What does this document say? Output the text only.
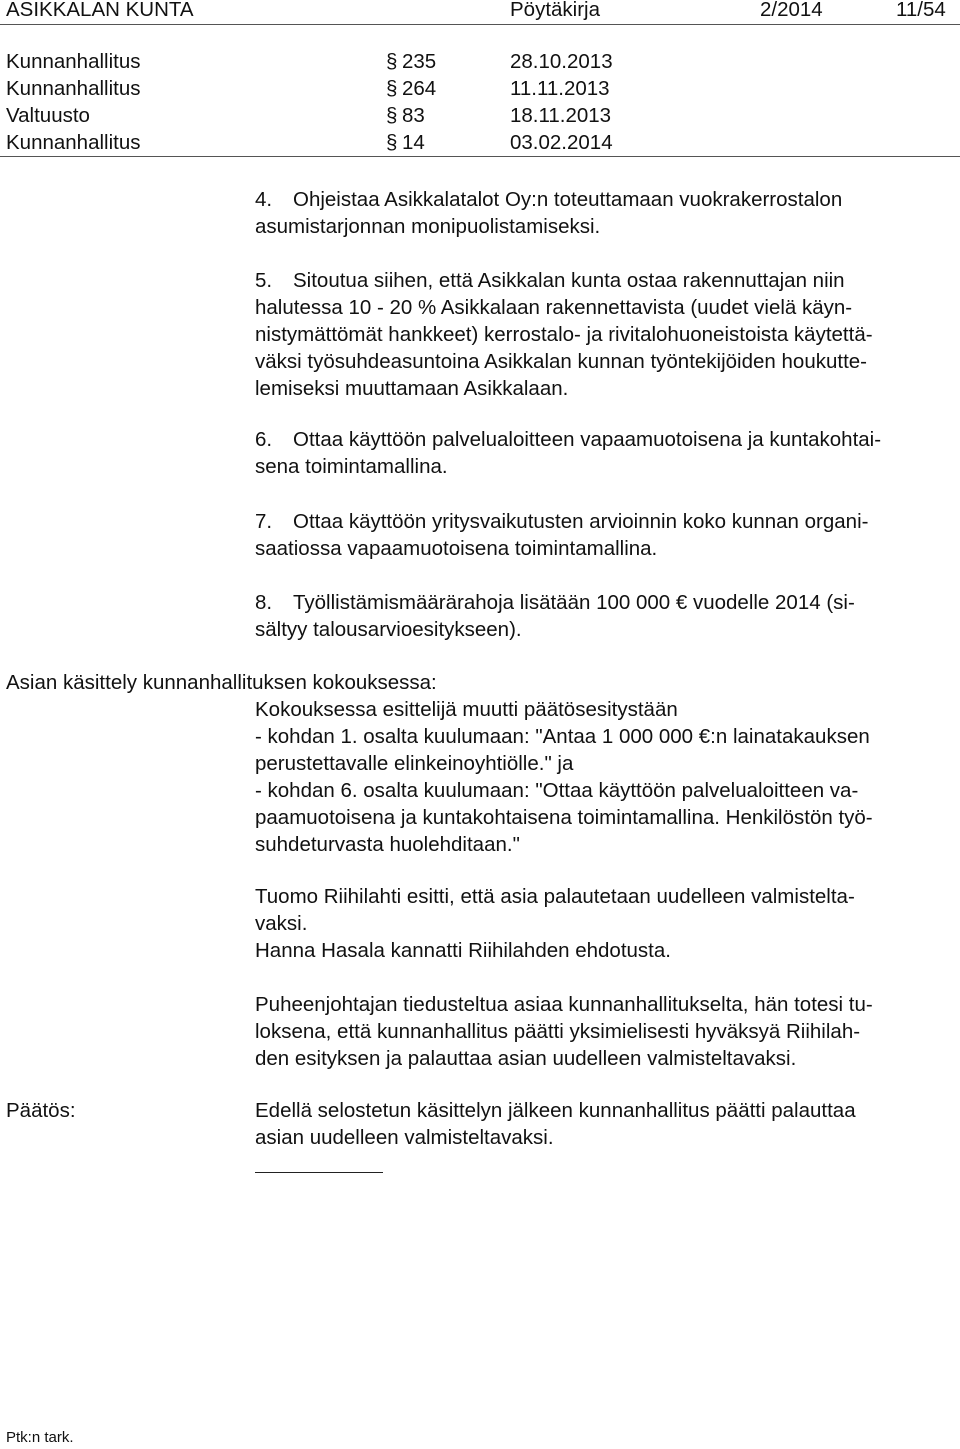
ASIKKALAN KUNTA	Pöytäkirja	2/2014	11/54
Kunnanhallitus	§ 235	28.10.2013
Kunnanhallitus	§ 264	11.11.2013
Valtuusto	§ 83	18.11.2013
Kunnanhallitus	§ 14	03.02.2014

4. Ohjeistaa Asikkalatalot Oy:n toteuttamaan vuokrakerrostalon

asumistarjonnan monipuolistamiseksi.

5. Sitoutua siihen, että Asikkalan kunta ostaa rakennuttajan niin

halutessa 10 - 20 % Asikkalaan rakennettavista (uudet vielä käyn-

nistymättömät hankkeet) kerrostalo- ja rivitalohuoneistoista käytettä-

väksi työsuhdeasuntoina Asikkalan kunnan työntekijöiden houkutte-

lemiseksi muuttamaan Asikkalaan.

6. Ottaa käyttöön palvelualoitteen vapaamuotoisena ja kuntakohtai-

sena toimintamallina.

7. Ottaa käyttöön yritysvaikutusten arvioinnin koko kunnan organi-

saatiossa vapaamuotoisena toimintamallina.

8. Työllistämismäärärahoja lisätään 100 000 € vuodelle 2014 (si-

sältyy talousarvioesitykseen).

Asian käsittely kunnanhallituksen kokouksessa:

Kokouksessa esittelijä muutti päätösesitystään

- kohdan 1. osalta kuulumaan: "Antaa 1 000 000 €:n lainatakauksen

perustettavalle elinkeinoyhtiölle." ja

- kohdan 6. osalta kuulumaan: "Ottaa käyttöön palvelualoitteen va-

paamuotoisena ja kuntakohtaisena toimintamallina. Henkilöstön työ-

suhdeturvasta huolehditaan."

Tuomo Riihilahti esitti, että asia palautetaan uudelleen valmistelta-

vaksi.

Hanna Hasala kannatti Riihilahden ehdotusta.

Puheenjohtajan tiedusteltua asiaa kunnanhallitukselta, hän totesi tu-

loksena, että kunnanhallitus päätti yksimielisesti hyväksyä Riihilah-

den esityksen ja palauttaa asian uudelleen valmisteltavaksi.

Päätös:	Edellä selostetun käsittelyn jälkeen kunnanhallitus päätti palauttaa

asian uudelleen valmisteltavaksi.

Ptk:n tark.
